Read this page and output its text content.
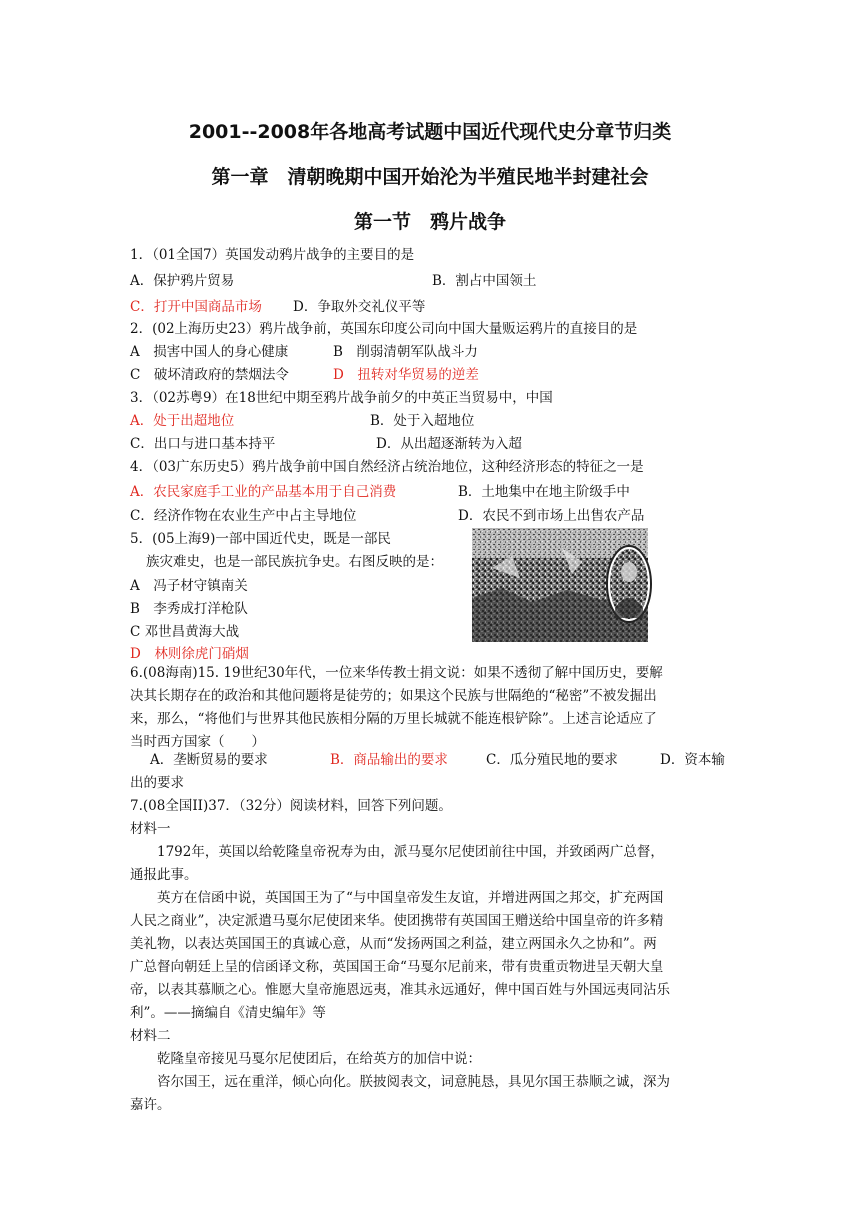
2001--2008年各地高考试题中国近代现代史分章节归类
第一章　清朝晚期中国开始沦为半殖民地半封建社会
第一节　鸦片战争
1．（01全国7）英国发动鸦片战争的主要目的是
A．保护鸦片贸易	B．割占中国领土
C．打开中国商品市场 D．争取外交礼仪平等
2．(02上海历史23）鸦片战争前，英国东印度公司向中国大量贩运鸦片的直接目的是
A　损害中国人的身心健康	B　削弱清朝军队战斗力
C　破坏清政府的禁烟法令	D　扭转对华贸易的逆差
3．（02苏粤9）在18世纪中期至鸦片战争前夕的中英正当贸易中，中国
A．处于出超地位	B．处于入超地位
C．出口与进口基本持平	D．从出超逐渐转为入超
4．（03广东历史5）鸦片战争前中国自然经济占统治地位，这种经济形态的特征之一是
A．农民家庭手工业的产品基本用于自己消费	B．土地集中在地主阶级手中
C．经济作物在农业生产中占主导地位	D．农民不到市场上出售农产品
5．(05上海9)一部中国近代史，既是一部民
族灾难史，也是一部民族抗争史。右图反映的是：
A　冯子材守镇南关
B　李秀成打洋枪队
C 邓世昌黄海大战
D　林则徐虎门硝烟
6.(08海南)15. 19世纪30年代，一位来华传教士捐文说：如果不透彻了解中国历史，要解
决其长期存在的政治和其他问题将是徒劳的；如果这个民族与世隔绝的“秘密”不被发掘出
来，那么，“将他们与世界其他民族相分隔的万里长城就不能连根铲除”。上述言论适应了
当时西方国家（　　）
A．垄断贸易的要求	B．商品输出的要求	C．瓜分殖民地的要求	D．资本输
出的要求
7.(08全国II)37．（32分）阅读材料，回答下列问题。
材料一
　　1792年，英国以给乾隆皇帝祝寿为由，派马戛尔尼使团前往中国，并致函两广总督，
通报此事。
　　英方在信函中说，英国国王为了“与中国皇帝发生友谊，并增进两国之邦交，扩充两国
人民之商业”，决定派遣马戛尔尼使团来华。使团携带有英国国王赠送给中国皇帝的许多精
美礼物，以表达英国国王的真诚心意，从而“发扬两国之利益，建立两国永久之协和”。两
广总督向朝廷上呈的信函译文称，英国国王命“马戛尔尼前来，带有贵重贡物进呈天朝大皇
帝，以表其慕顺之心。惟愿大皇帝施恩远夷，准其永远通好，俾中国百姓与外国远夷同沾乐
利”。——摘编自《清史编年》等
材料二
　　乾隆皇帝接见马戛尔尼使团后，在给英方的加信中说：
　　咨尔国王，远在重洋，倾心向化。朕披阅表文，词意肫恳，具见尔国王恭顺之诚，深为
嘉许。
